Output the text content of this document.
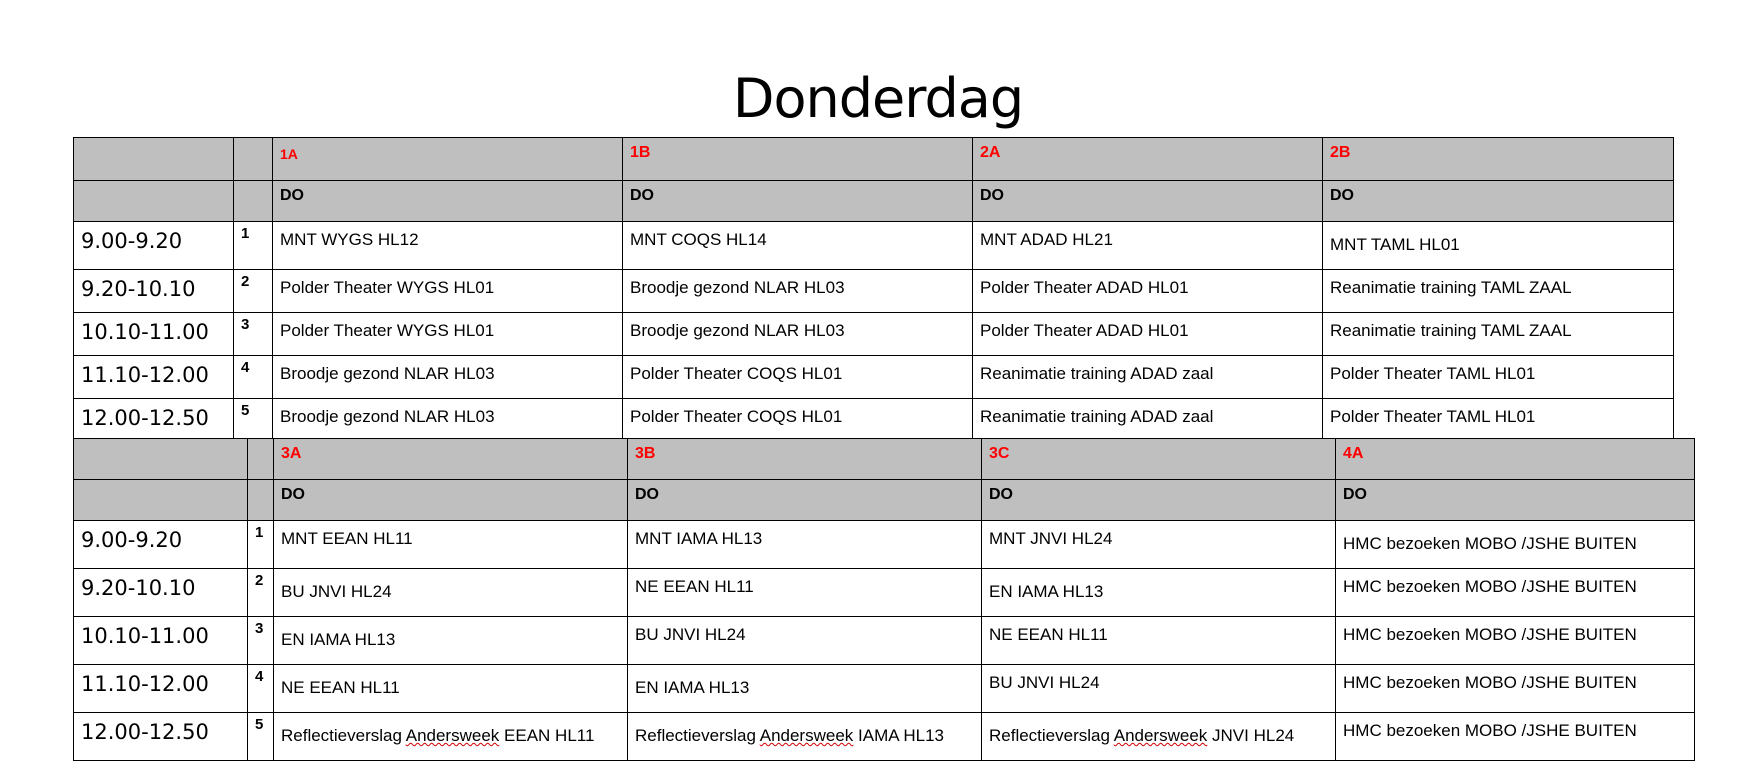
Donderdag
		1A	1B	2A	2B
		DO	DO	DO	DO
9.00-9.20	1	MNT WYGS HL12	MNT COQS HL14	MNT ADAD HL21	MNT TAML HL01
9.20-10.10	2	Polder Theater WYGS HL01	Broodje gezond NLAR HL03	Polder Theater ADAD HL01	Reanimatie training TAML ZAAL
10.10-11.00	3	Polder Theater WYGS HL01	Broodje gezond NLAR HL03	Polder Theater ADAD HL01	Reanimatie training TAML ZAAL
11.10-12.00	4	Broodje gezond NLAR HL03	Polder Theater COQS HL01	Reanimatie training ADAD zaal	Polder Theater TAML HL01
12.00-12.50	5	Broodje gezond NLAR HL03	Polder Theater COQS HL01	Reanimatie training ADAD zaal	Polder Theater TAML HL01
		3A	3B	3C	4A
		DO	DO	DO	DO
9.00-9.20	1	MNT EEAN HL11	MNT IAMA HL13	MNT JNVI HL24	HMC bezoeken MOBO /JSHE BUITEN
9.20-10.10	2	BU JNVI HL24	NE EEAN HL11	EN IAMA HL13	HMC bezoeken MOBO /JSHE BUITEN
10.10-11.00	3	EN IAMA HL13	BU JNVI HL24	NE EEAN HL11	HMC bezoeken MOBO /JSHE BUITEN
11.10-12.00	4	NE EEAN HL11	EN IAMA HL13	BU JNVI HL24	HMC bezoeken MOBO /JSHE BUITEN
12.00-12.50	5	Reflectieverslag Andersweek EEAN HL11	Reflectieverslag Andersweek IAMA HL13	Reflectieverslag Andersweek JNVI HL24	HMC bezoeken MOBO /JSHE BUITEN
